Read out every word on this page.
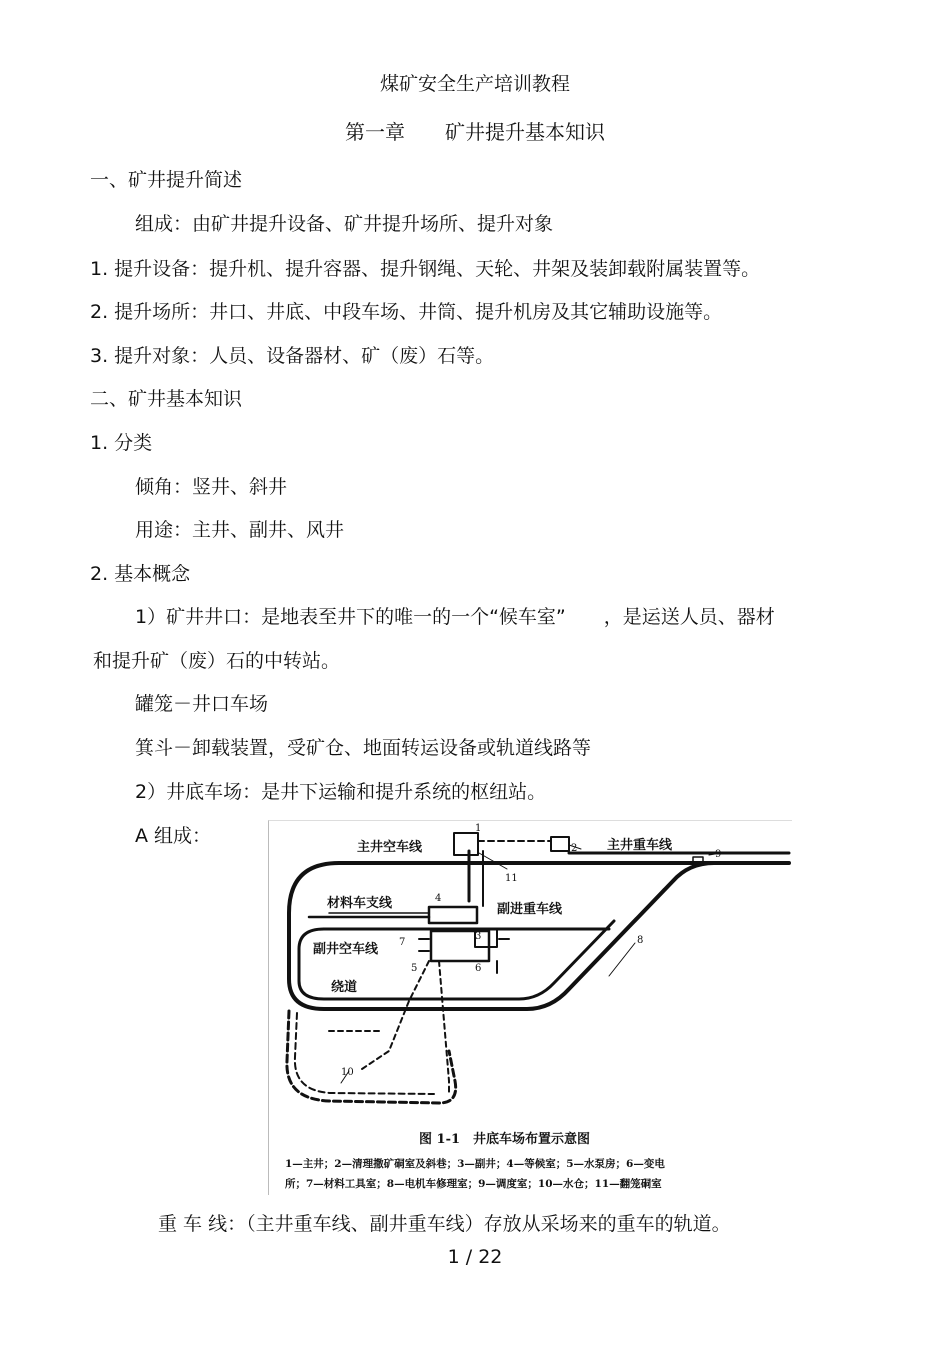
煤矿安全生产培训教程
第一章　　矿井提升基本知识
一、矿井提升简述
组成：由矿井提升设备、矿井提升场所、提升对象
1. 提升设备：提升机、提升容器、提升钢绳、天轮、井架及装卸载附属装置等。
2. 提升场所：井口、井底、中段车场、井筒、提升机房及其它辅助设施等。
3. 提升对象：人员、设备器材、矿（废）石等。
二、矿井基本知识
1. 分类
倾角：竖井、斜井
用途：主井、副井、风井
2. 基本概念
1）矿井井口：是地表至井下的唯一的一个“候车室”　　，是运送人员、器材
和提升矿（废）石的中转站。
罐笼－井口车场
箕斗－卸载装置，受矿仓、地面转运设备或轨道线路等
2）井底车场：是井下运输和提升系统的枢纽站。
A 组成：	1
2
3
4
5	6
7	8
9
10
11
主井空车线	主井重车线
材料车支线	副进重车线
副井空车线
绕道
图 1-1　井底车场布置示意图
1—主井；2—清理撒矿硐室及斜巷；3—副井；4—等候室；5—水泵房；6—变电
所；7—材料工具室；8—电机车修理室；9—调度室；10—水仓；11—翻笼硐室
重 车 线：（主井重车线、副井重车线）存放从采场来的重车的轨道。
1 / 22
